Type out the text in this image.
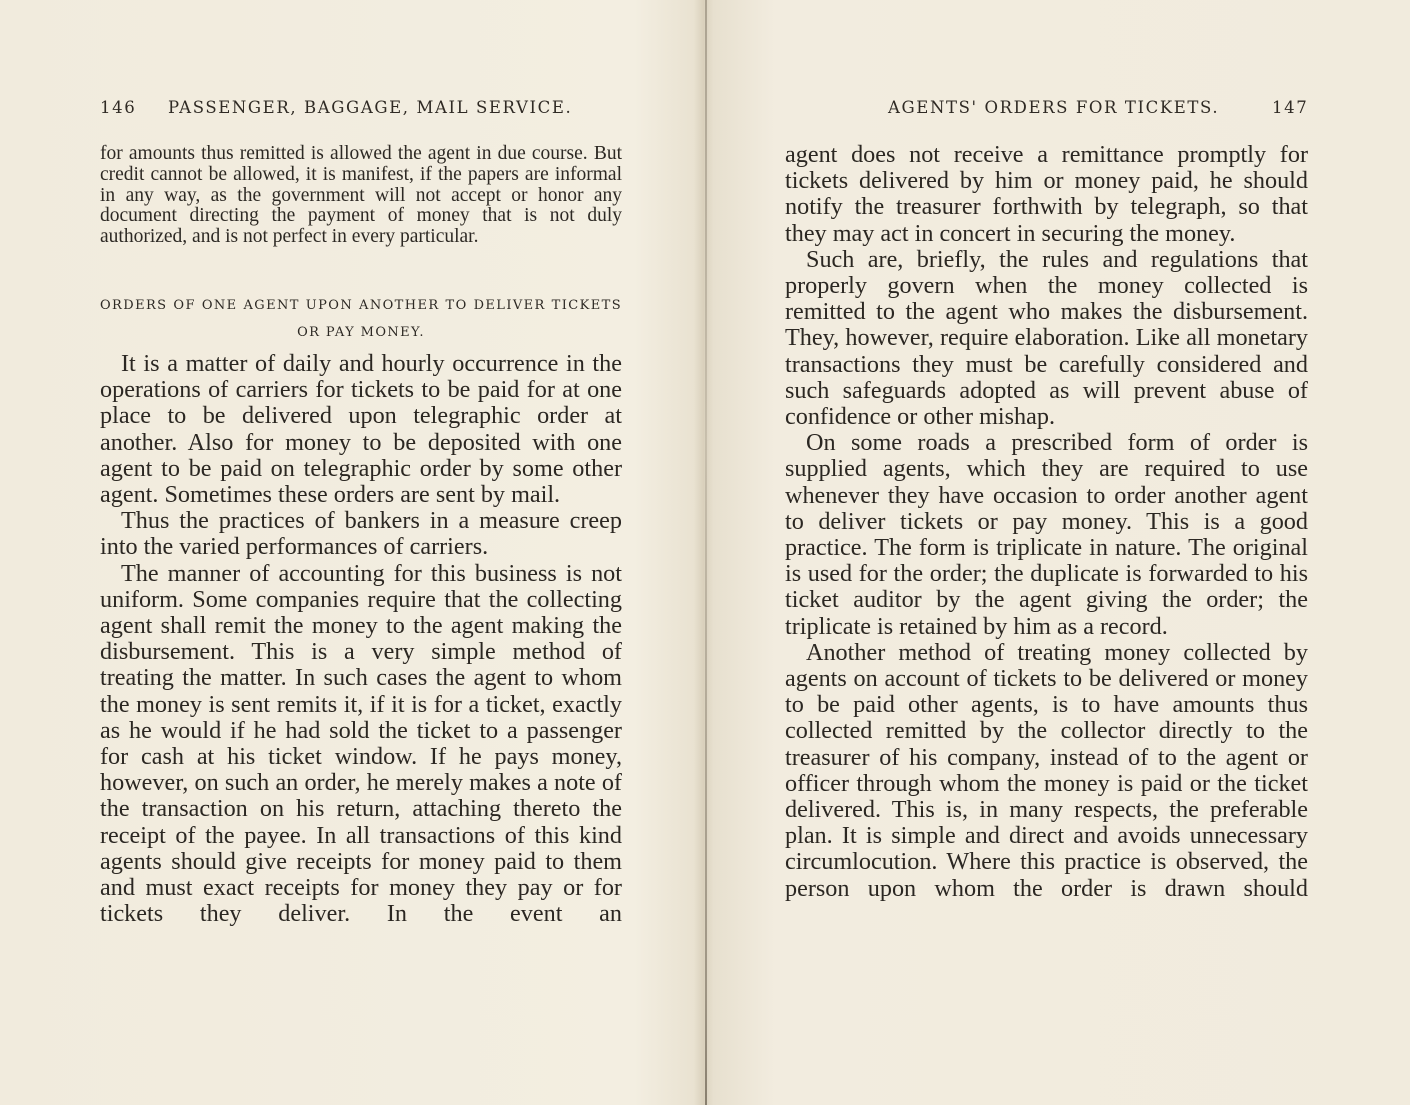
146 PASSENGER, BAGGAGE, MAIL SERVICE.
for amounts thus remitted is allowed the agent in due course. But credit cannot be allowed, it is manifest, if the papers are informal in any way, as the government will not accept or honor any document directing the payment of money that is not duly authorized, and is not perfect in every particular.
ORDERS OF ONE AGENT UPON ANOTHER TO DELIVER TICKETS OR PAY MONEY.

It is a matter of daily and hourly occurrence in the operations of carriers for tickets to be paid for at one place to be delivered upon telegraphic order at another. Also for money to be deposited with one agent to be paid on telegraphic order by some other agent. Sometimes these orders are sent by mail.

Thus the practices of bankers in a measure creep into the varied performances of carriers.

The manner of accounting for this business is not uniform. Some companies require that the collecting agent shall remit the money to the agent making the disbursement. This is a very simple method of treating the matter. In such cases the agent to whom the money is sent remits it, if it is for a ticket, exactly as he would if he had sold the ticket to a passenger for cash at his ticket window. If he pays money, however, on such an order, he merely makes a note of the transaction on his return, attaching thereto the receipt of the payee. In all transactions of this kind agents should give receipts for money paid to them and must exact receipts for money they pay or for tickets they deliver. In the event an

AGENTS' ORDERS FOR TICKETS.	147

agent does not receive a remittance promptly for tickets delivered by him or money paid, he should notify the treasurer forthwith by telegraph, so that they may act in concert in securing the money.

Such are, briefly, the rules and regulations that properly govern when the money collected is remitted to the agent who makes the disbursement. They, however, require elaboration. Like all monetary transactions they must be carefully considered and such safeguards adopted as will prevent abuse of confidence or other mishap.

On some roads a prescribed form of order is supplied agents, which they are required to use whenever they have occasion to order another agent to deliver tickets or pay money. This is a good practice. The form is triplicate in nature. The original is used for the order; the duplicate is forwarded to his ticket auditor by the agent giving the order; the triplicate is retained by him as a record.

Another method of treating money collected by agents on account of tickets to be delivered or money to be paid other agents, is to have amounts thus collected remitted by the collector directly to the treasurer of his company, instead of to the agent or officer through whom the money is paid or the ticket delivered. This is, in many respects, the preferable plan. It is simple and direct and avoids unnecessary circumlocution. Where this practice is observed, the person upon whom the order is drawn should
